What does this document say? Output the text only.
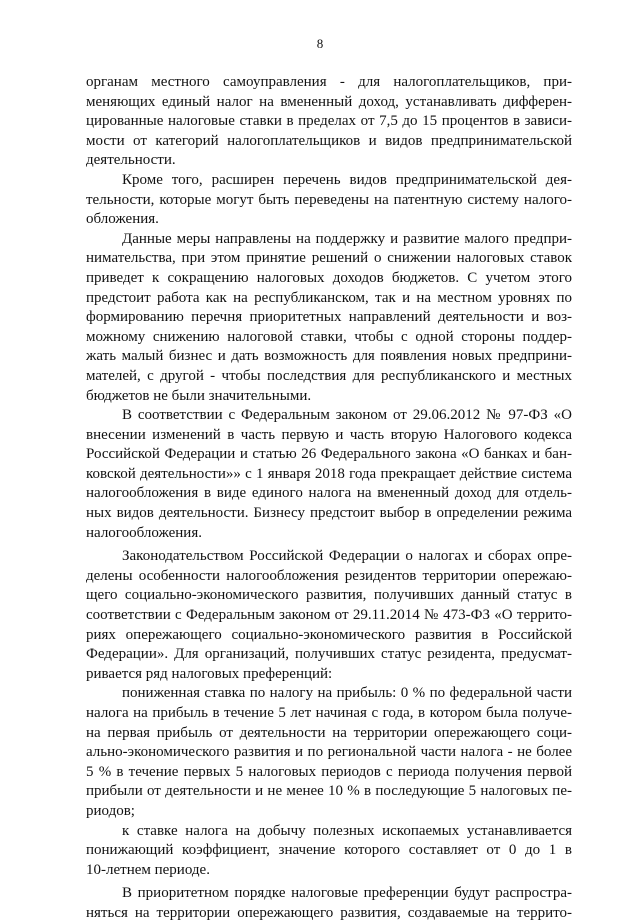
8
органам местного самоуправления - для налогоплательщиков, при-
меняющих единый налог на вмененный доход, устанавливать дифферен-
цированные налоговые ставки в пределах от 7,5 до 15 процентов в зависи-
мости от категорий налогоплательщиков и видов предпринимательской
деятельности.
Кроме того, расширен перечень видов предпринимательской дея-
тельности, которые могут быть переведены на патентную систему налого-
обложения.
Данные меры направлены на поддержку и развитие малого предпри-
нимательства, при этом принятие решений о снижении налоговых ставок
приведет к сокращению налоговых доходов бюджетов. С учетом этого
предстоит работа как на республиканском, так и на местном уровнях по
формированию перечня приоритетных направлений деятельности и воз-
можному снижению налоговой ставки, чтобы с одной стороны поддер-
жать малый бизнес и дать возможность для появления новых предприни-
мателей, с другой - чтобы последствия для республиканского и местных
бюджетов не были значительными.
В соответствии с Федеральным законом от 29.06.2012 № 97-ФЗ «О
внесении изменений в часть первую и часть вторую Налогового кодекса
Российской Федерации и статью 26 Федерального закона «О банках и бан-
ковской деятельности»» с 1 января 2018 года прекращает действие системa
налогообложения в виде единого налога на вмененный доход для отдель-
ных видов деятельности. Бизнесу предстоит выбор в определении режима
налогообложения.
Законодательством Российской Федерации о налогах и сборах опре-
делены особенности налогообложения резидентов территории опережаю-
щего социально-экономического развития, получивших данный статус в
соответствии с Федеральным законом от 29.11.2014 № 473-ФЗ «О террито-
риях опережающего социально-экономического развития в Российской
Федерации». Для организаций, получивших статус резидента, предусмат-
ривается ряд налоговых преференций:
пониженная ставка по налогу на прибыль: 0 % по федеральной части
налога на прибыль в течение 5 лет начиная с года, в котором была получе-
на первая прибыль от деятельности на территории опережающего соци-
ально-экономического развития и по региональной части налога - не более
5 % в течение первых 5 налоговых периодов с периода получения первой
прибыли от деятельности и не менее 10 % в последующие 5 налоговых пе-
риодов;
к ставке налога на добычу полезных ископаемых устанавливается
понижающий коэффициент, значение которого составляет от 0 до 1 в
10-летнем периоде.
В приоритетном порядке налоговые преференции будут распростра-
няться на территории опережающего развития, создаваемые на террито-
